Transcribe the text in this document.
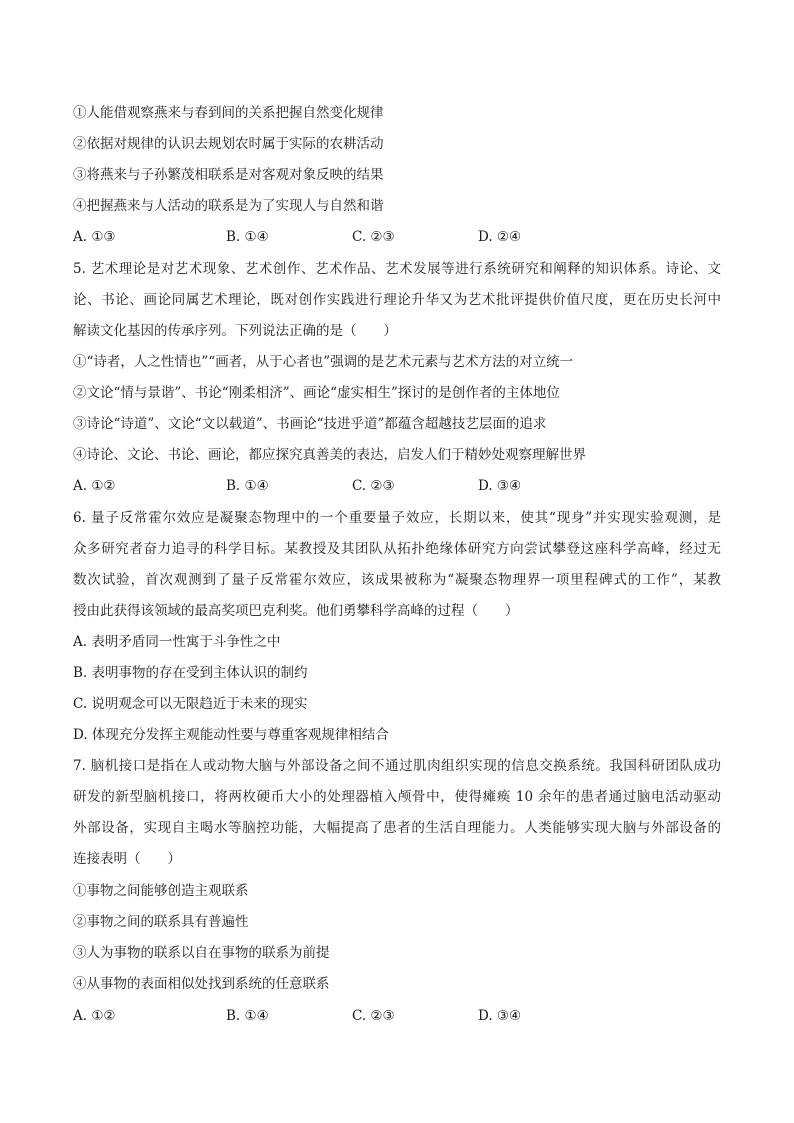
①人能借观察燕来与春到间的关系把握自然变化规律
②依据对规律的认识去规划农时属于实际的农耕活动
③将燕来与子孙繁茂相联系是对客观对象反映的结果
④把握燕来与人活动的联系是为了实现人与自然和谐
A. ①③	B. ①④	C. ②③	D. ②④
5. 艺术理论是对艺术现象、艺术创作、艺术作品、艺术发展等进行系统研究和阐释的知识体系。诗论、文
论、书论、画论同属艺术理论，既对创作实践进行理论升华又为艺术批评提供价值尺度，更在历史长河中
解读文化基因的传承序列。下列说法正确的是（　　）
①“诗者，人之性情也”“画者，从于心者也”强调的是艺术元素与艺术方法的对立统一
②文论“情与景谐”、书论“刚柔相济”、画论“虚实相生”探讨的是创作者的主体地位
③诗论“诗道”、文论“文以载道”、书画论“技进乎道”都蕴含超越技艺层面的追求
④诗论、文论、书论、画论，都应探究真善美的表达，启发人们于精妙处观察理解世界
A. ①②	B. ①④	C. ②③	D. ③④
6. 量子反常霍尔效应是凝聚态物理中的一个重要量子效应，长期以来，使其“现身”并实现实验观测，是
众多研究者奋力追寻的科学目标。某教授及其团队从拓扑绝缘体研究方向尝试攀登这座科学高峰，经过无
数次试验，首次观测到了量子反常霍尔效应，该成果被称为“凝聚态物理界一项里程碑式的工作”，某教
授由此获得该领域的最高奖项巴克利奖。他们勇攀科学高峰的过程（　　）
A. 表明矛盾同一性寓于斗争性之中
B. 表明事物的存在受到主体认识的制约
C. 说明观念可以无限趋近于未来的现实
D. 体现充分发挥主观能动性要与尊重客观规律相结合
7. 脑机接口是指在人或动物大脑与外部设备之间不通过肌肉组织实现的信息交换系统。我国科研团队成功
研发的新型脑机接口，将两枚硬币大小的处理器植入颅骨中，使得瘫痪 10 余年的患者通过脑电活动驱动
外部设备，实现自主喝水等脑控功能，大幅提高了患者的生活自理能力。人类能够实现大脑与外部设备的
连接表明（　　）
①事物之间能够创造主观联系
②事物之间的联系具有普遍性
③人为事物的联系以自在事物的联系为前提
④从事物的表面相似处找到系统的任意联系
A. ①②	B. ①④	C. ②③	D. ③④
